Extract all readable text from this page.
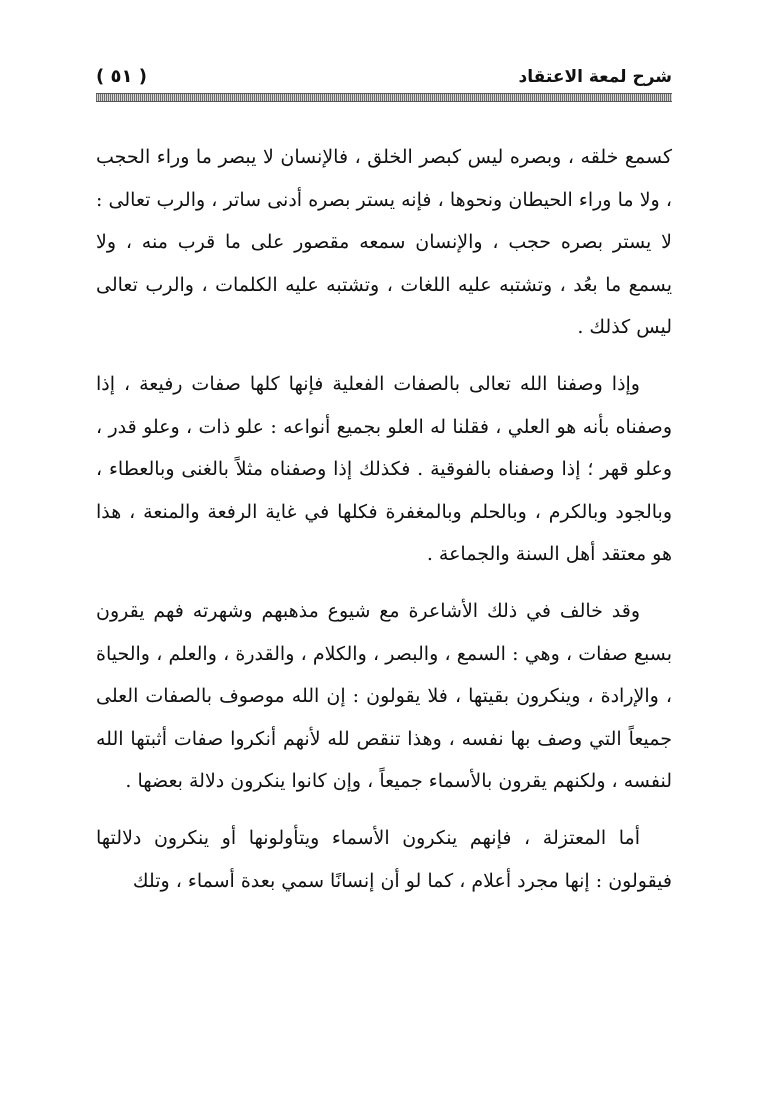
شرح لمعة الاعتقاد
( ٥١ )

كسمع خلقه ، وبصره ليس كبصر الخلق ، فالإنسان لا يبصر ما وراء الحجب ، ولا ما وراء الحيطان ونحوها ، فإنه يستر بصره أدنى ساتر ، والرب تعالى : لا يستر بصره حجب ، والإنسان سمعه مقصور على ما قرب منه ، ولا يسمع ما بعُد ، وتشتبه عليه اللغات ، وتشتبه عليه الكلمات ، والرب تعالى ليس كذلك .

وإذا وصفنا الله تعالى بالصفات الفعلية فإنها كلها صفات رفيعة ، إذا وصفناه بأنه هو العلي ، فقلنا له العلو بجميع أنواعه : علو ذات ، وعلو قدر ، وعلو قهر ؛ إذا وصفناه بالفوقية . فكذلك إذا وصفناه مثلاً بالغنى وبالعطاء ، وبالجود وبالكرم ، وبالحلم وبالمغفرة فكلها في غاية الرفعة والمنعة ، هذا هو معتقد أهل السنة والجماعة .

وقد خالف في ذلك الأشاعرة مع شيوع مذهبهم وشهرته فهم يقرون بسبع صفات ، وهي : السمع ، والبصر ، والكلام ، والقدرة ، والعلم ، والحياة ، والإرادة ، وينكرون بقيتها ، فلا يقولون : إن الله موصوف بالصفات العلى جميعاً التي وصف بها نفسه ، وهذا تنقص لله لأنهم أنكروا صفات أثبتها الله لنفسه ، ولكنهم يقرون بالأسماء جميعاً ، وإن كانوا ينكرون دلالة بعضها .

أما المعتزلة ، فإنهم ينكرون الأسماء ويتأولونها أو ينكرون دلالتها فيقولون : إنها مجرد أعلام ، كما لو أن إنسانًا سمي بعدة أسماء ، وتلك
